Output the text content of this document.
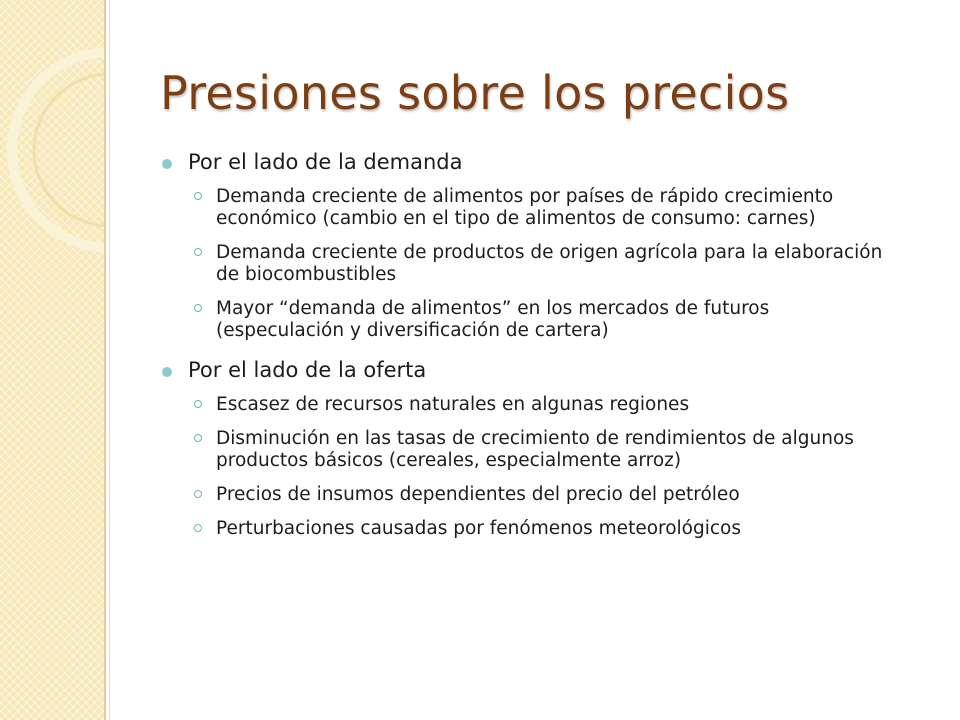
Presiones sobre los precios
Por el lado de la demanda
Demanda creciente de alimentos por países de rápido crecimiento económico (cambio en el tipo de alimentos de consumo: carnes)
Demanda creciente de productos de origen agrícola para la elaboración de biocombustibles
Mayor “demanda de alimentos” en los mercados de futuros (especulación y diversificación de cartera)
Por el lado de la oferta
Escasez de recursos naturales en algunas regiones
Disminución en las tasas de crecimiento de rendimientos de algunos productos básicos (cereales, especialmente arroz)
Precios de insumos dependientes del precio del petróleo
Perturbaciones causadas por fenómenos meteorológicos
